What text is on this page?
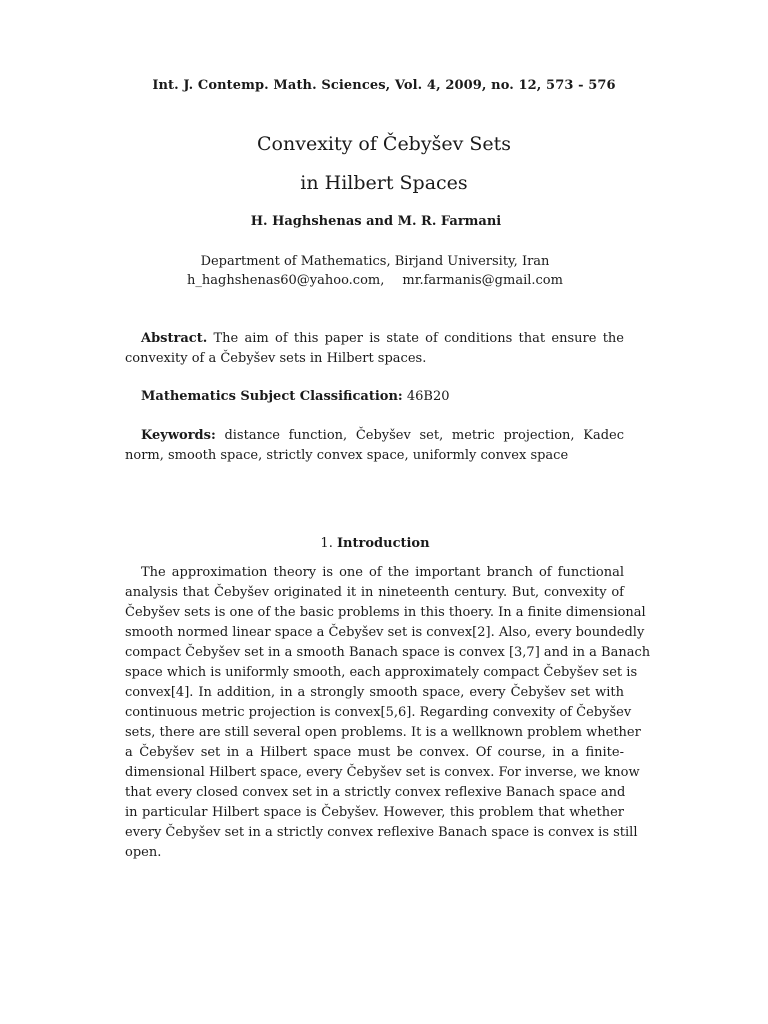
Int. J. Contemp. Math. Sciences, Vol. 4, 2009, no. 12, 573 - 576
Convexity of Čebyšev Sets
in Hilbert Spaces
H. Haghshenas and M. R. Farmani
Department of Mathematics, Birjand University, Iran
h_haghshenas60@yahoo.com, mr.farmanis@gmail.com
Abstract. The aim of this paper is state of conditions that ensure the convexity of a Čebyšev sets in Hilbert spaces.
Mathematics Subject Classification: 46B20
Keywords: distance function, Čebyšev set, metric projection, Kadec norm, smooth space, strictly convex space, uniformly convex space
1. Introduction
The approximation theory is one of the important branch of functional
analysis that Čebyšev originated it in nineteenth century. But, convexity of
Čebyšev sets is one of the basic problems in this thoery. In a finite dimensional
smooth normed linear space a Čebyšev set is convex[2]. Also, every boundedly
compact Čebyšev set in a smooth Banach space is convex [3,7] and in a Banach
space which is uniformly smooth, each approximately compact Čebyšev set is
convex[4]. In addition, in a strongly smooth space, every Čebyšev set with
continuous metric projection is convex[5,6]. Regarding convexity of Čebyšev
sets, there are still several open problems. It is a wellknown problem whether
a Čebyšev set in a Hilbert space must be convex. Of course, in a finite-
dimensional Hilbert space, every Čebyšev set is convex. For inverse, we know
that every closed convex set in a strictly convex reflexive Banach space and
in particular Hilbert space is Čebyšev. However, this problem that whether
every Čebyšev set in a strictly convex reflexive Banach space is convex is still
open.
